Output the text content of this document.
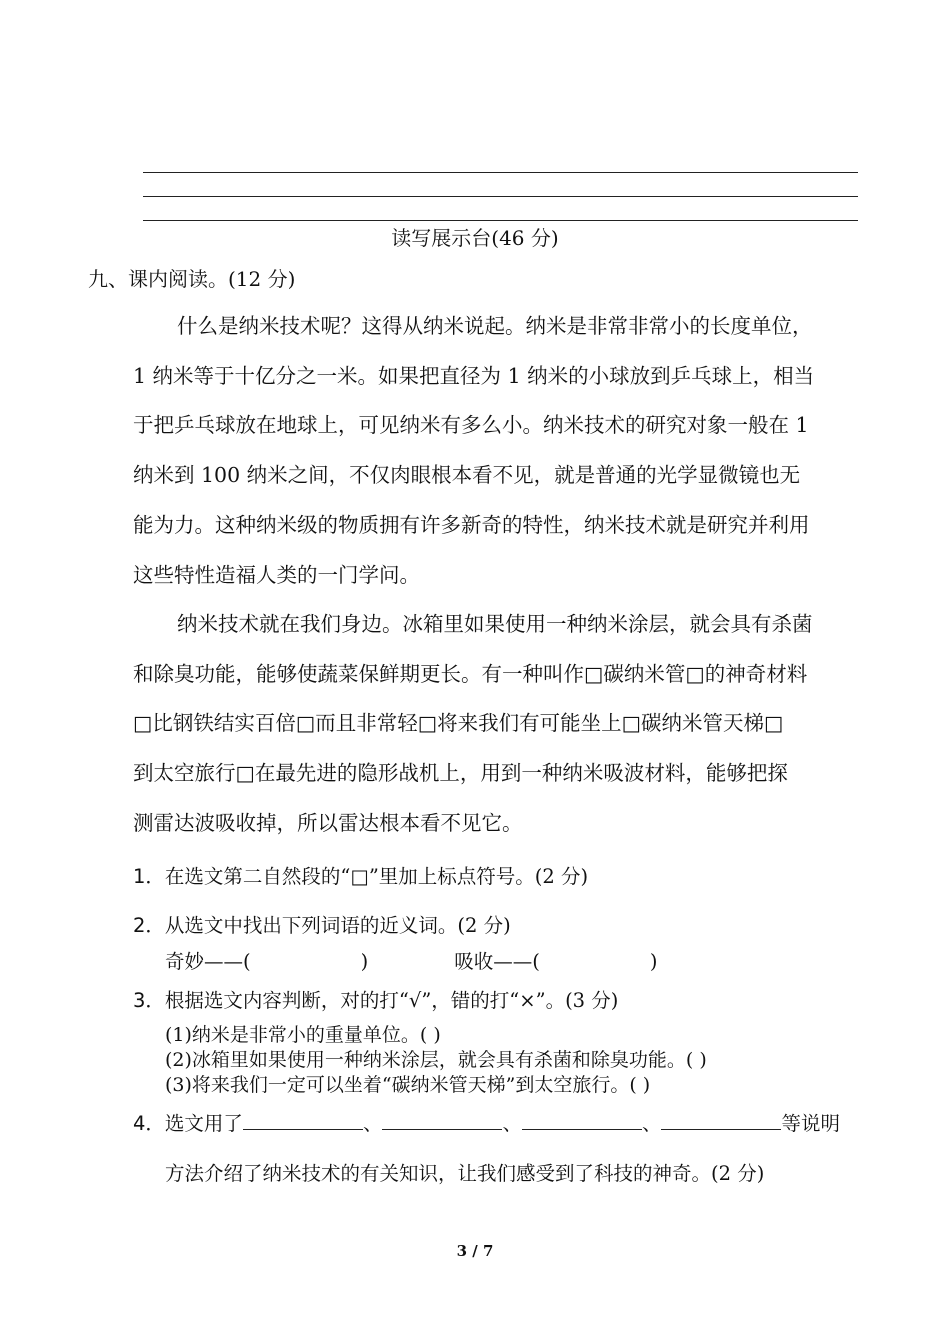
读写展示台(46 分)
九、课内阅读。(12 分)
什么是纳米技术呢？这得从纳米说起。纳米是非常非常小的长度单位，
1 纳米等于十亿分之一米。如果把直径为 1 纳米的小球放到乒乓球上，相当
于把乒乓球放在地球上，可见纳米有多么小。纳米技术的研究对象一般在 1
纳米到 100 纳米之间，不仅肉眼根本看不见，就是普通的光学显微镜也无
能为力。这种纳米级的物质拥有许多新奇的特性，纳米技术就是研究并利用
这些特性造福人类的一门学问。
纳米技术就在我们身边。冰箱里如果使用一种纳米涂层，就会具有杀菌
和除臭功能，能够使蔬菜保鲜期更长。有一种叫作□碳纳米管□的神奇材料
□比钢铁结实百倍□而且非常轻□将来我们有可能坐上□碳纳米管天梯□
到太空旅行□在最先进的隐形战机上，用到一种纳米吸波材料，能够把探
测雷达波吸收掉，所以雷达根本看不见它。
1．在选文第二自然段的“□”里加上标点符号。(2 分)
2．从选文中找出下列词语的近义词。(2 分)
奇妙——(	)	吸收——(	)
3．根据选文内容判断，对的打“√”，错的打“×”。(3 分)
(1)纳米是非常小的重量单位。( )
(2)冰箱里如果使用一种纳米涂层，就会具有杀菌和除臭功能。( )
(3)将来我们一定可以坐着“碳纳米管天梯”到太空旅行。( )
4．选文用了	、	、	、	等说明
方法介绍了纳米技术的有关知识，让我们感受到了科技的神奇。(2 分)
3 / 7
